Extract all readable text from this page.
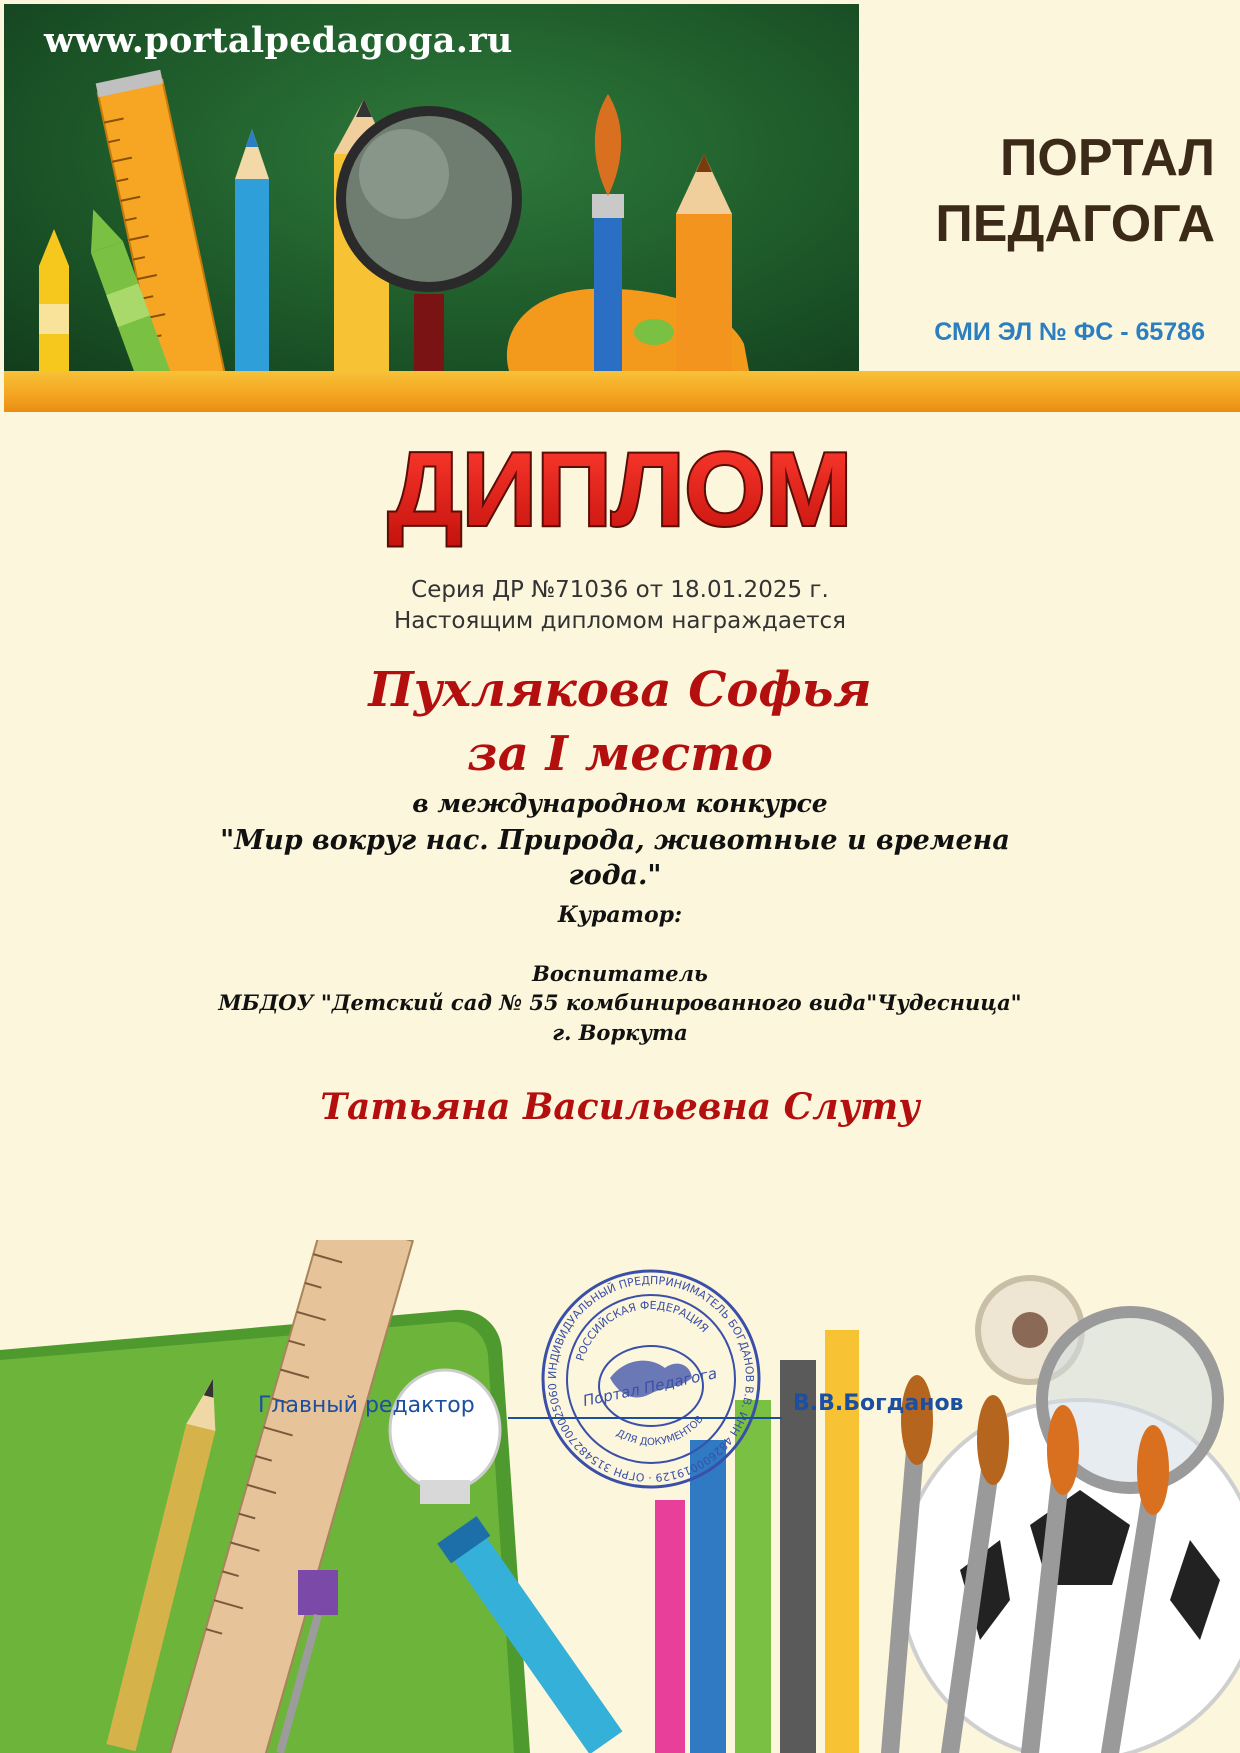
www.portalpedagoga.ru
ПОРТАЛ
ПЕДАГОГА
СМИ ЭЛ № ФС - 65786
ДИПЛОМ
Серия ДР №71036 от 18.01.2025 г.
Настоящим дипломом награждается
Пухлякова Софья
за I место
в международном конкурсе
"Мир вокруг нас. Природа, животные и времена года."
Куратор:
Воспитатель
МБДОУ "Детский сад № 55 комбинированного вида"Чудесница"
г. Воркута
Татьяна Васильевна Слуту
ИНДИВИДУАЛЬНЫЙ ПРЕДПРИНИМАТЕЛЬ БОГДАНОВ В.В. ИНН 482600019129 · ОГРН 315482700025060
РОССИЙСКАЯ ФЕДЕРАЦИЯ
Портал Педагога
ДЛЯ ДОКУМЕНТОВ
Главный редактор	В.В.Богданов
